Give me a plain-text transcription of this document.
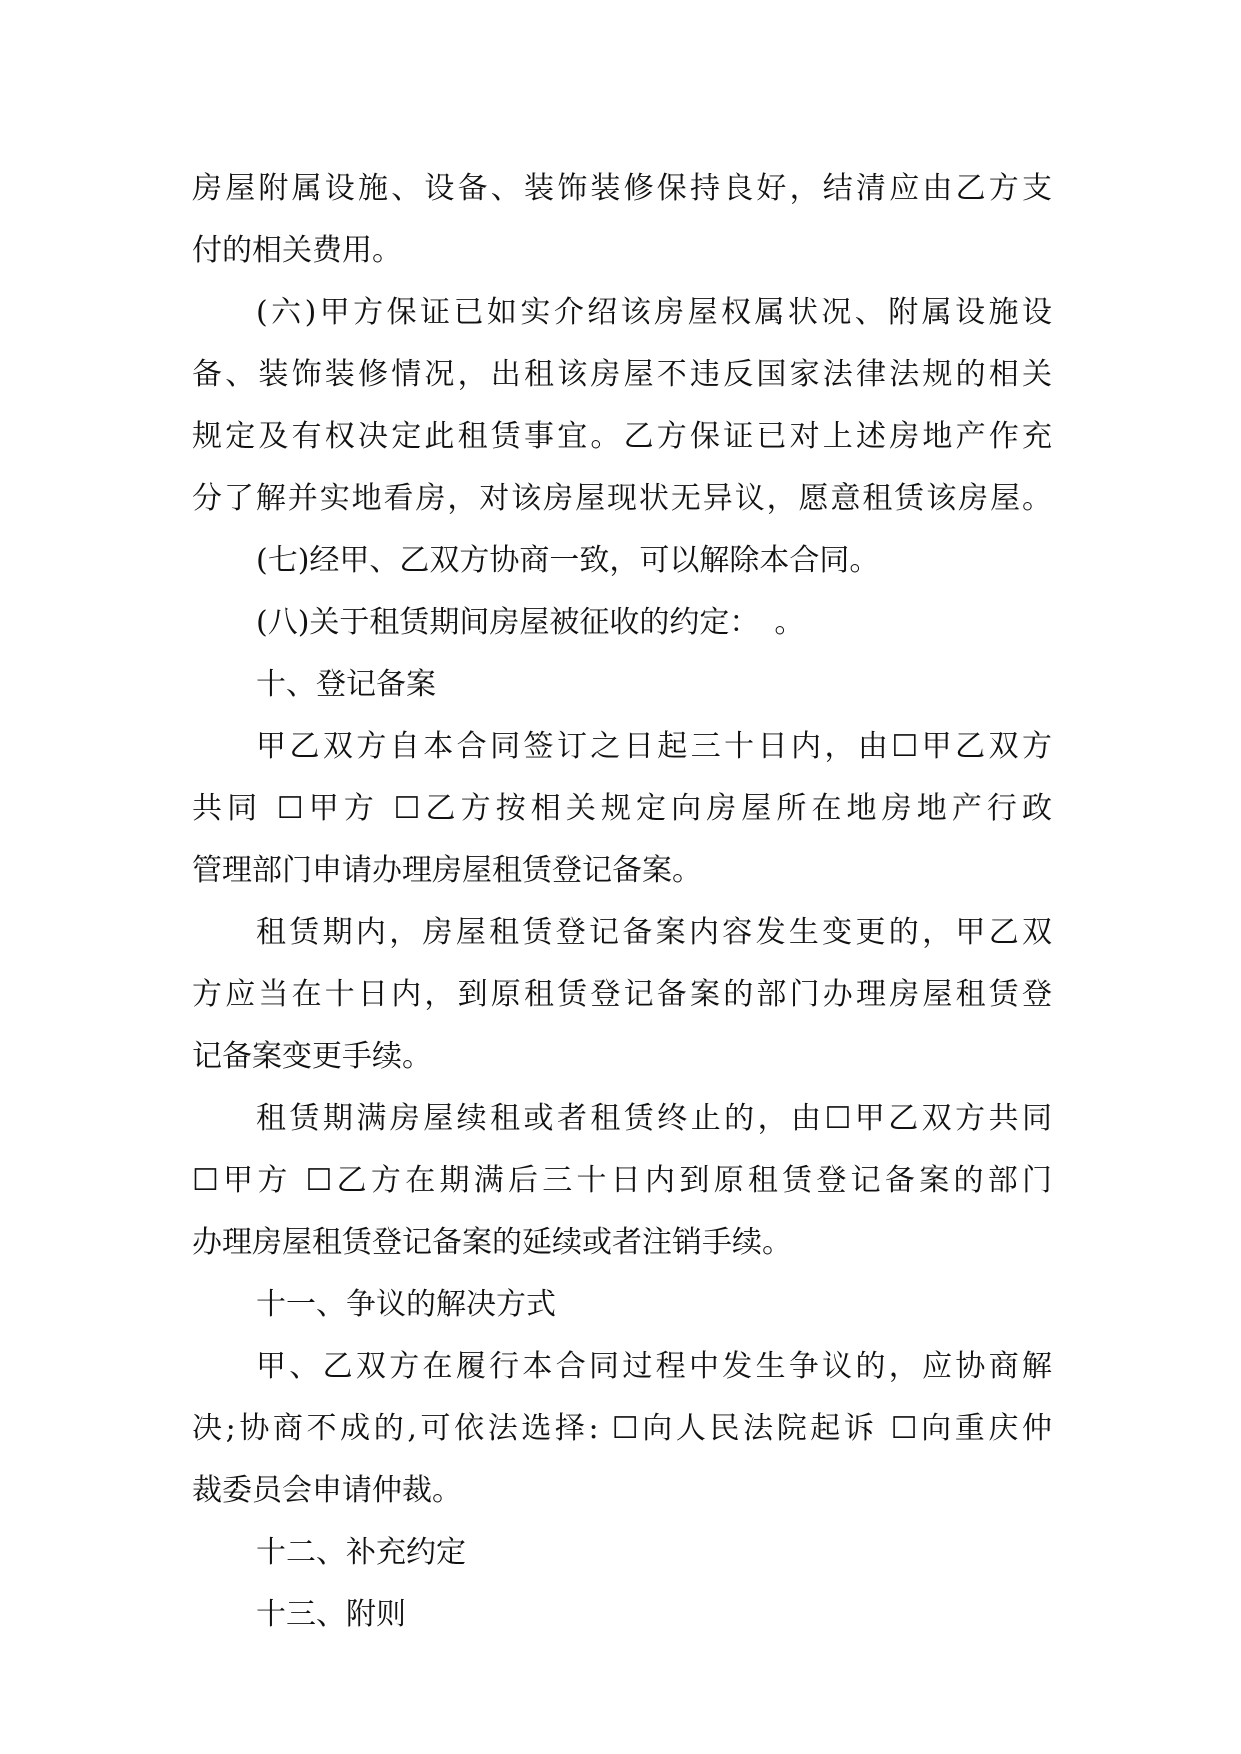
房屋附属设施、设备、装饰装修保持良好，结清应由乙方支
付的相关费用。
(六)甲方保证已如实介绍该房屋权属状况、附属设施设
备、装饰装修情况，出租该房屋不违反国家法律法规的相关
规定及有权决定此租赁事宜。乙方保证已对上述房地产作充
分了解并实地看房，对该房屋现状无异议，愿意租赁该房屋。
(七)经甲、乙双方协商一致，可以解除本合同。
(八)关于租赁期间房屋被征收的约定：　。
十、登记备案
甲乙双方自本合同签订之日起三十日内，由☐甲乙双方
共同 ☐甲方 ☐乙方按相关规定向房屋所在地房地产行政
管理部门申请办理房屋租赁登记备案。
租赁期内，房屋租赁登记备案内容发生变更的，甲乙双
方应当在十日内，到原租赁登记备案的部门办理房屋租赁登
记备案变更手续。
租赁期满房屋续租或者租赁终止的，由☐甲乙双方共同
☐甲方 ☐乙方在期满后三十日内到原租赁登记备案的部门
办理房屋租赁登记备案的延续或者注销手续。
十一、争议的解决方式
甲、乙双方在履行本合同过程中发生争议的，应协商解
决;协商不成的,可依法选择: ☐向人民法院起诉 ☐向重庆仲
裁委员会申请仲裁。
十二、补充约定
十三、附则
